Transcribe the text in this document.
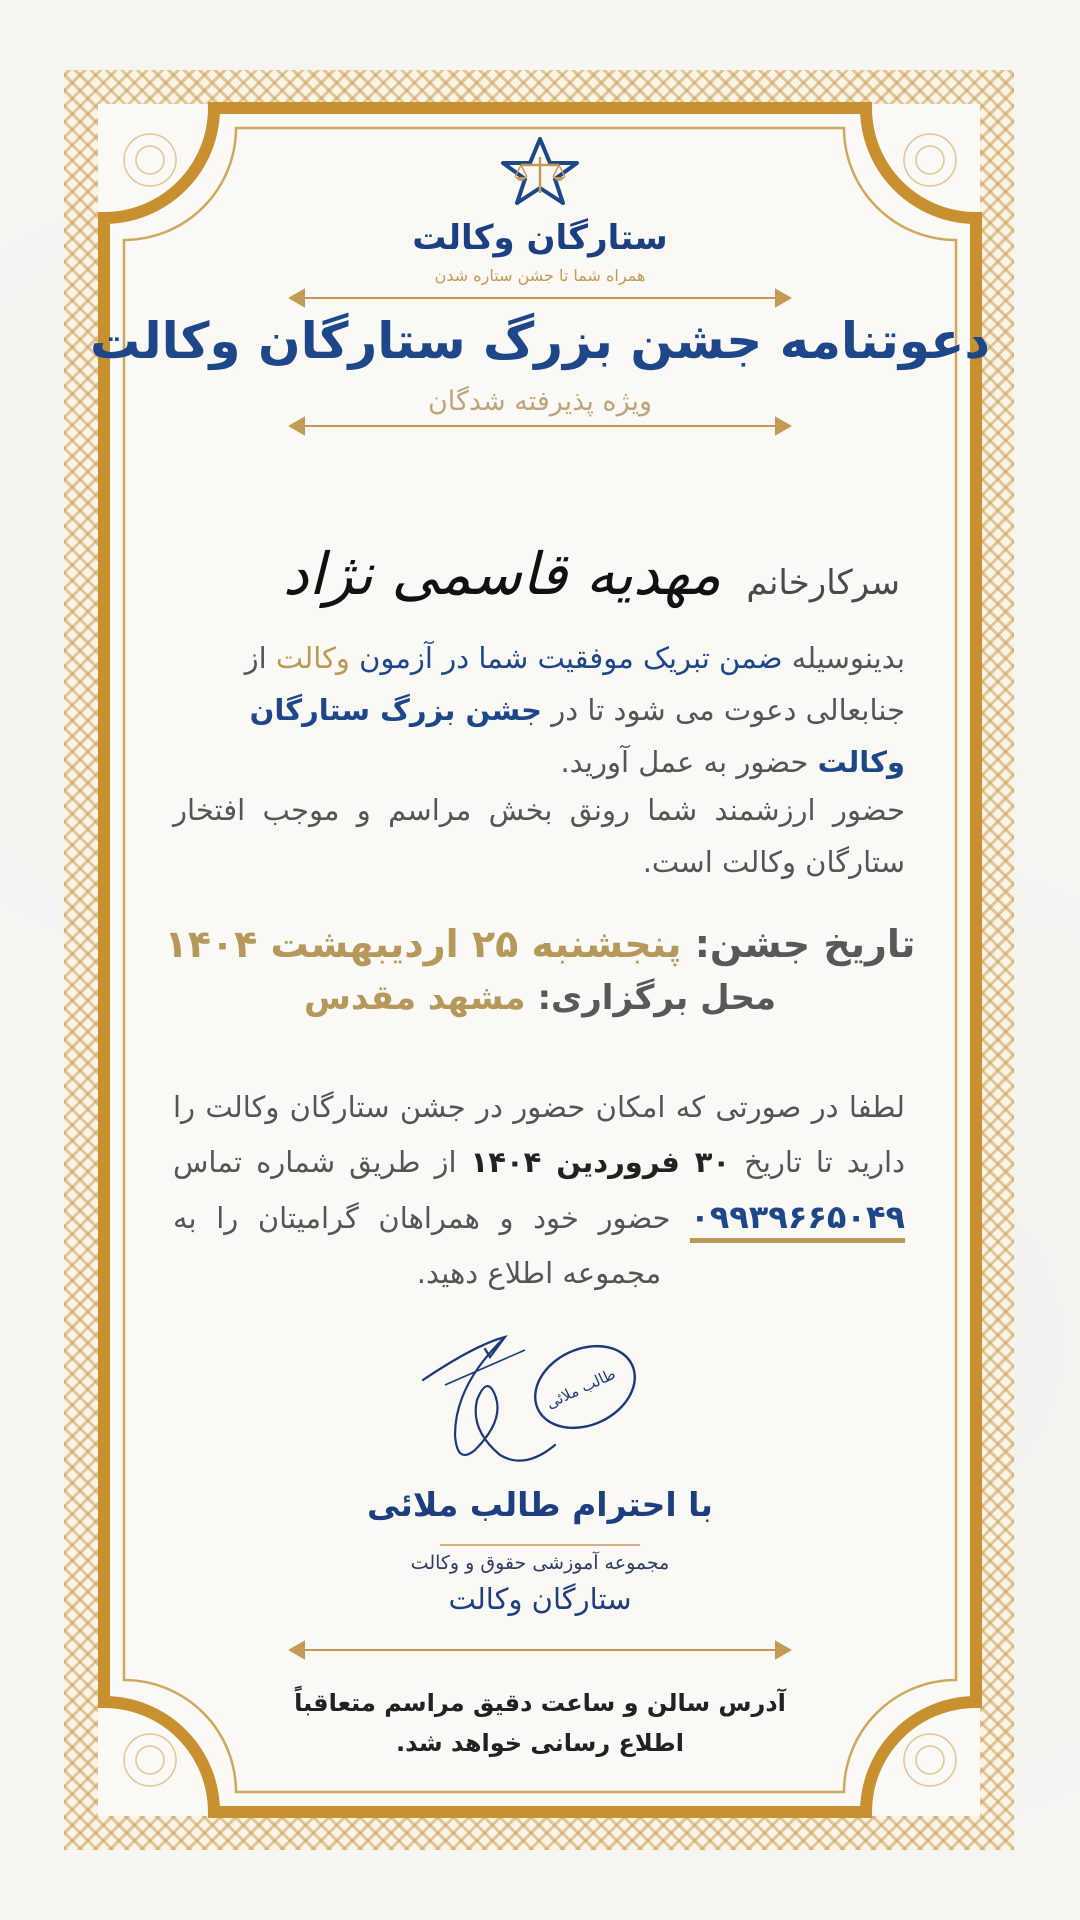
ستارگان وکالت
همراه شما تا جشن ستاره شدن
دعوتنامه جشن بزرگ ستارگان وکالت
ویژه پذیرفته شدگان
سرکارخانم مهدیه قاسمی نژاد
بدینوسیله ضمن تبریک موفقیت شما در آزمون وکالت از جنابعالی دعوت می شود تا در جشن بزرگ ستارگان وکالت حضور به عمل آورید.
حضور ارزشمند شما رونق بخش مراسم و موجب افتخار ستارگان وکالت است.
تاریخ جشن: پنجشنبه ۲۵ اردیبهشت ۱۴۰۴
محل برگزاری: مشهد مقدس
لطفا در صورتی که امکان حضور در جشن ستارگان وکالت را دارید تا تاریخ ۳۰ فروردین ۱۴۰۴ از طریق شماره تماس ۰۹۹۳۹۶۶۵۰۴۹ حضور خود و همراهان گرامیتان را به مجموعه اطلاع دهید.
طالب ملائی
با احترام طالب ملائی
مجموعه آموزشی حقوق و وکالت
ستارگان وکالت
آدرس سالن و ساعت دقیق مراسم متعاقباً
اطلاع رسانی خواهد شد.
